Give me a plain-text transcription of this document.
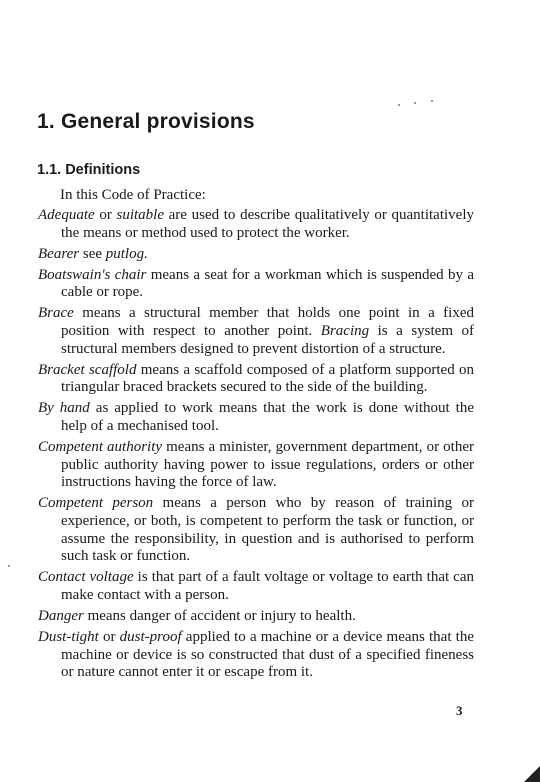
1. General provisions
1.1. Definitions

In this Code of Practice:

Adequate or suitable are used to describe qualitatively or quantitatively the means or method used to protect the worker.

Bearer see putlog.

Boatswain's chair means a seat for a workman which is suspended by a cable or rope.

Brace means a structural member that holds one point in a fixed position with respect to another point. Bracing is a system of structural members designed to prevent distortion of a structure.

Bracket scaffold means a scaffold composed of a platform supported on triangular braced brackets secured to the side of the building.

By hand as applied to work means that the work is done without the help of a mechanised tool.

Competent authority means a minister, government department, or other public authority having power to issue regulations, orders or other instructions having the force of law.

Competent person means a person who by reason of training or experience, or both, is competent to perform the task or function, or assume the responsibility, in question and is authorised to perform such task or function.

Contact voltage is that part of a fault voltage or voltage to earth that can make contact with a person.

Danger means danger of accident or injury to health.

Dust-tight or dust-proof applied to a machine or a device means that the machine or device is so constructed that dust of a specified fineness or nature cannot enter it or escape from it.

3
